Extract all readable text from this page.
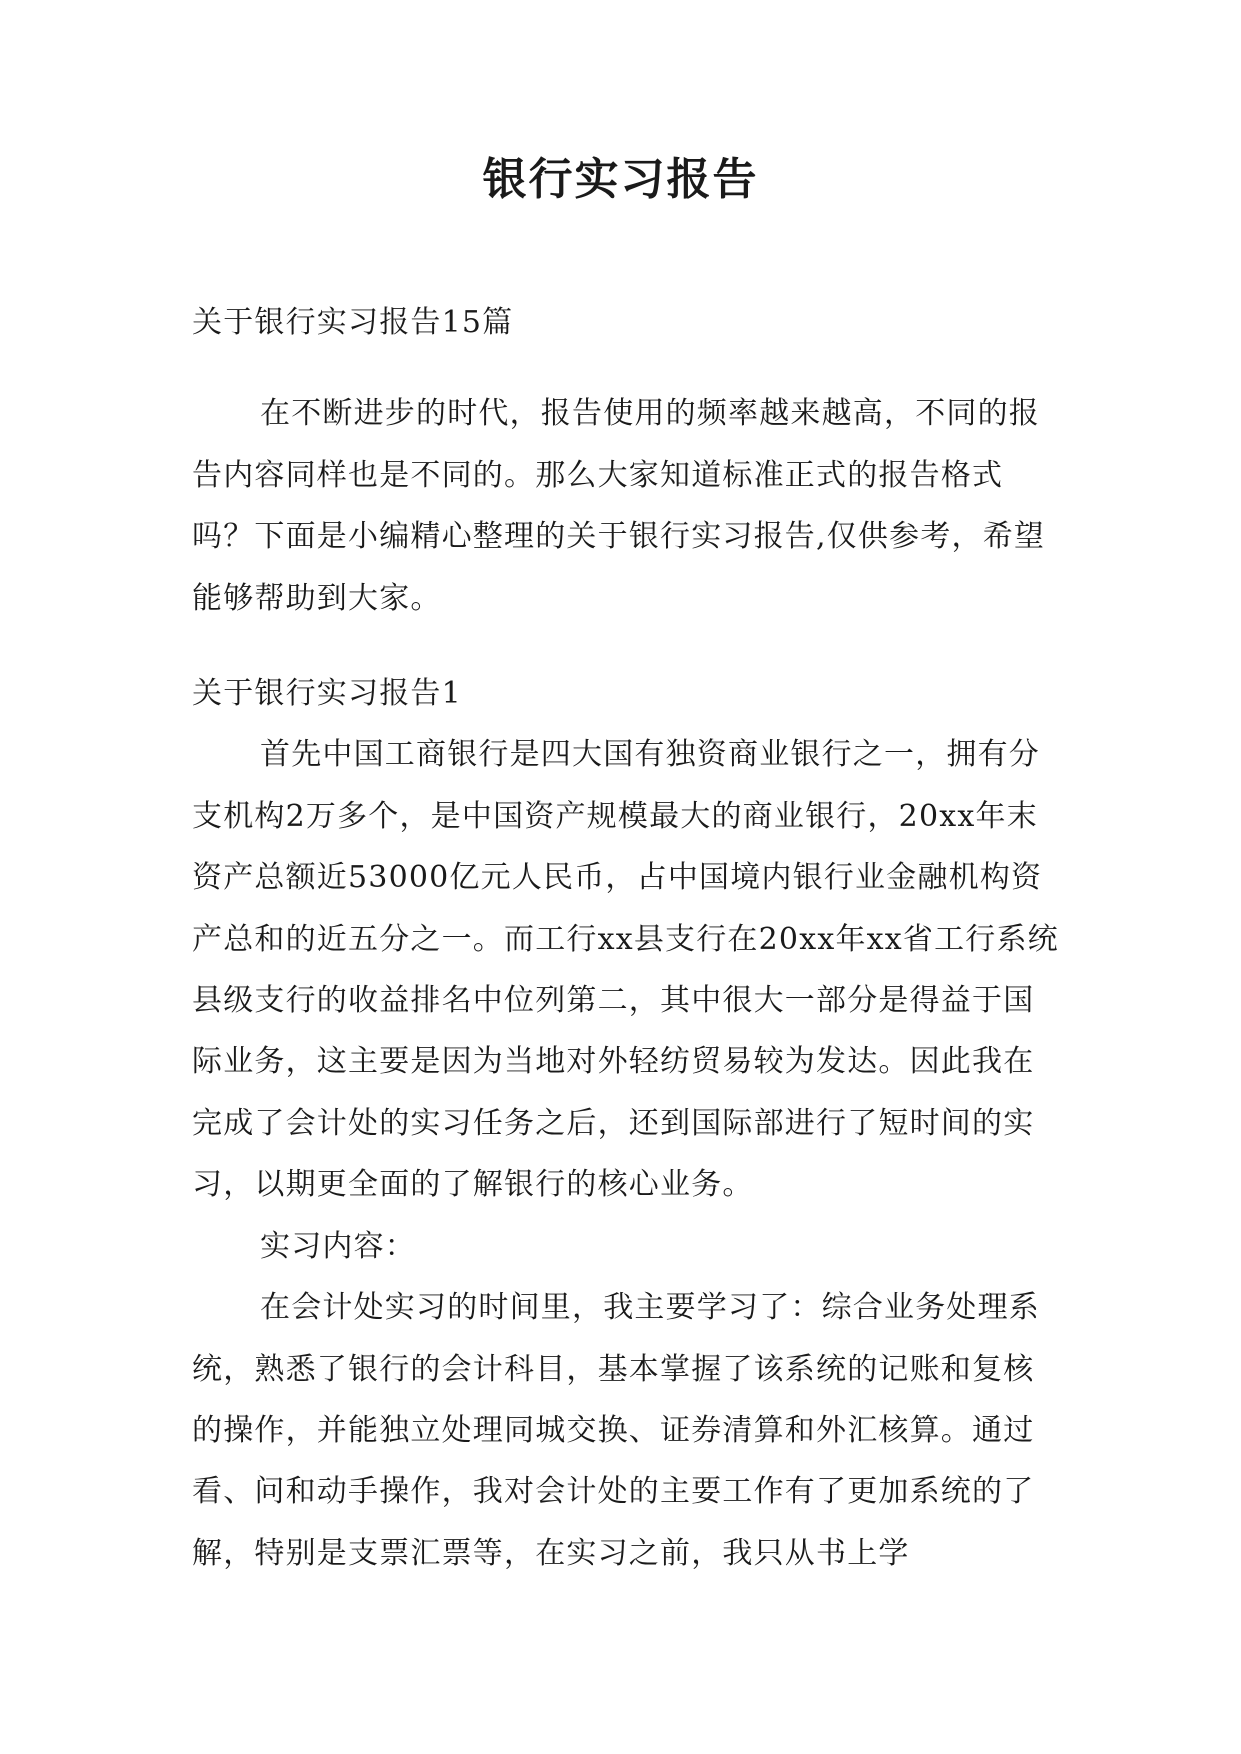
银行实习报告

关于银行实习报告15篇

在不断进步的时代，报告使用的频率越来越高，不同的报告内容同样也是不同的。那么大家知道标准正式的报告格式吗？下面是小编精心整理的关于银行实习报告,仅供参考，希望能够帮助到大家。

关于银行实习报告1

首先中国工商银行是四大国有独资商业银行之一，拥有分支机构2万多个，是中国资产规模最大的商业银行，20xx年末资产总额近53000亿元人民币，占中国境内银行业金融机构资产总和的近五分之一。而工行xx县支行在20xx年xx省工行系统县级支行的收益排名中位列第二，其中很大一部分是得益于国际业务，这主要是因为当地对外轻纺贸易较为发达。因此我在完成了会计处的实习任务之后，还到国际部进行了短时间的实习，以期更全面的了解银行的核心业务。

实习内容：

在会计处实习的时间里，我主要学习了：综合业务处理系统，熟悉了银行的会计科目，基本掌握了该系统的记账和复核的操作，并能独立处理同城交换、证券清算和外汇核算。通过看、问和动手操作，我对会计处的主要工作有了更加系统的了解，特别是支票汇票等，在实习之前，我只从书上学
